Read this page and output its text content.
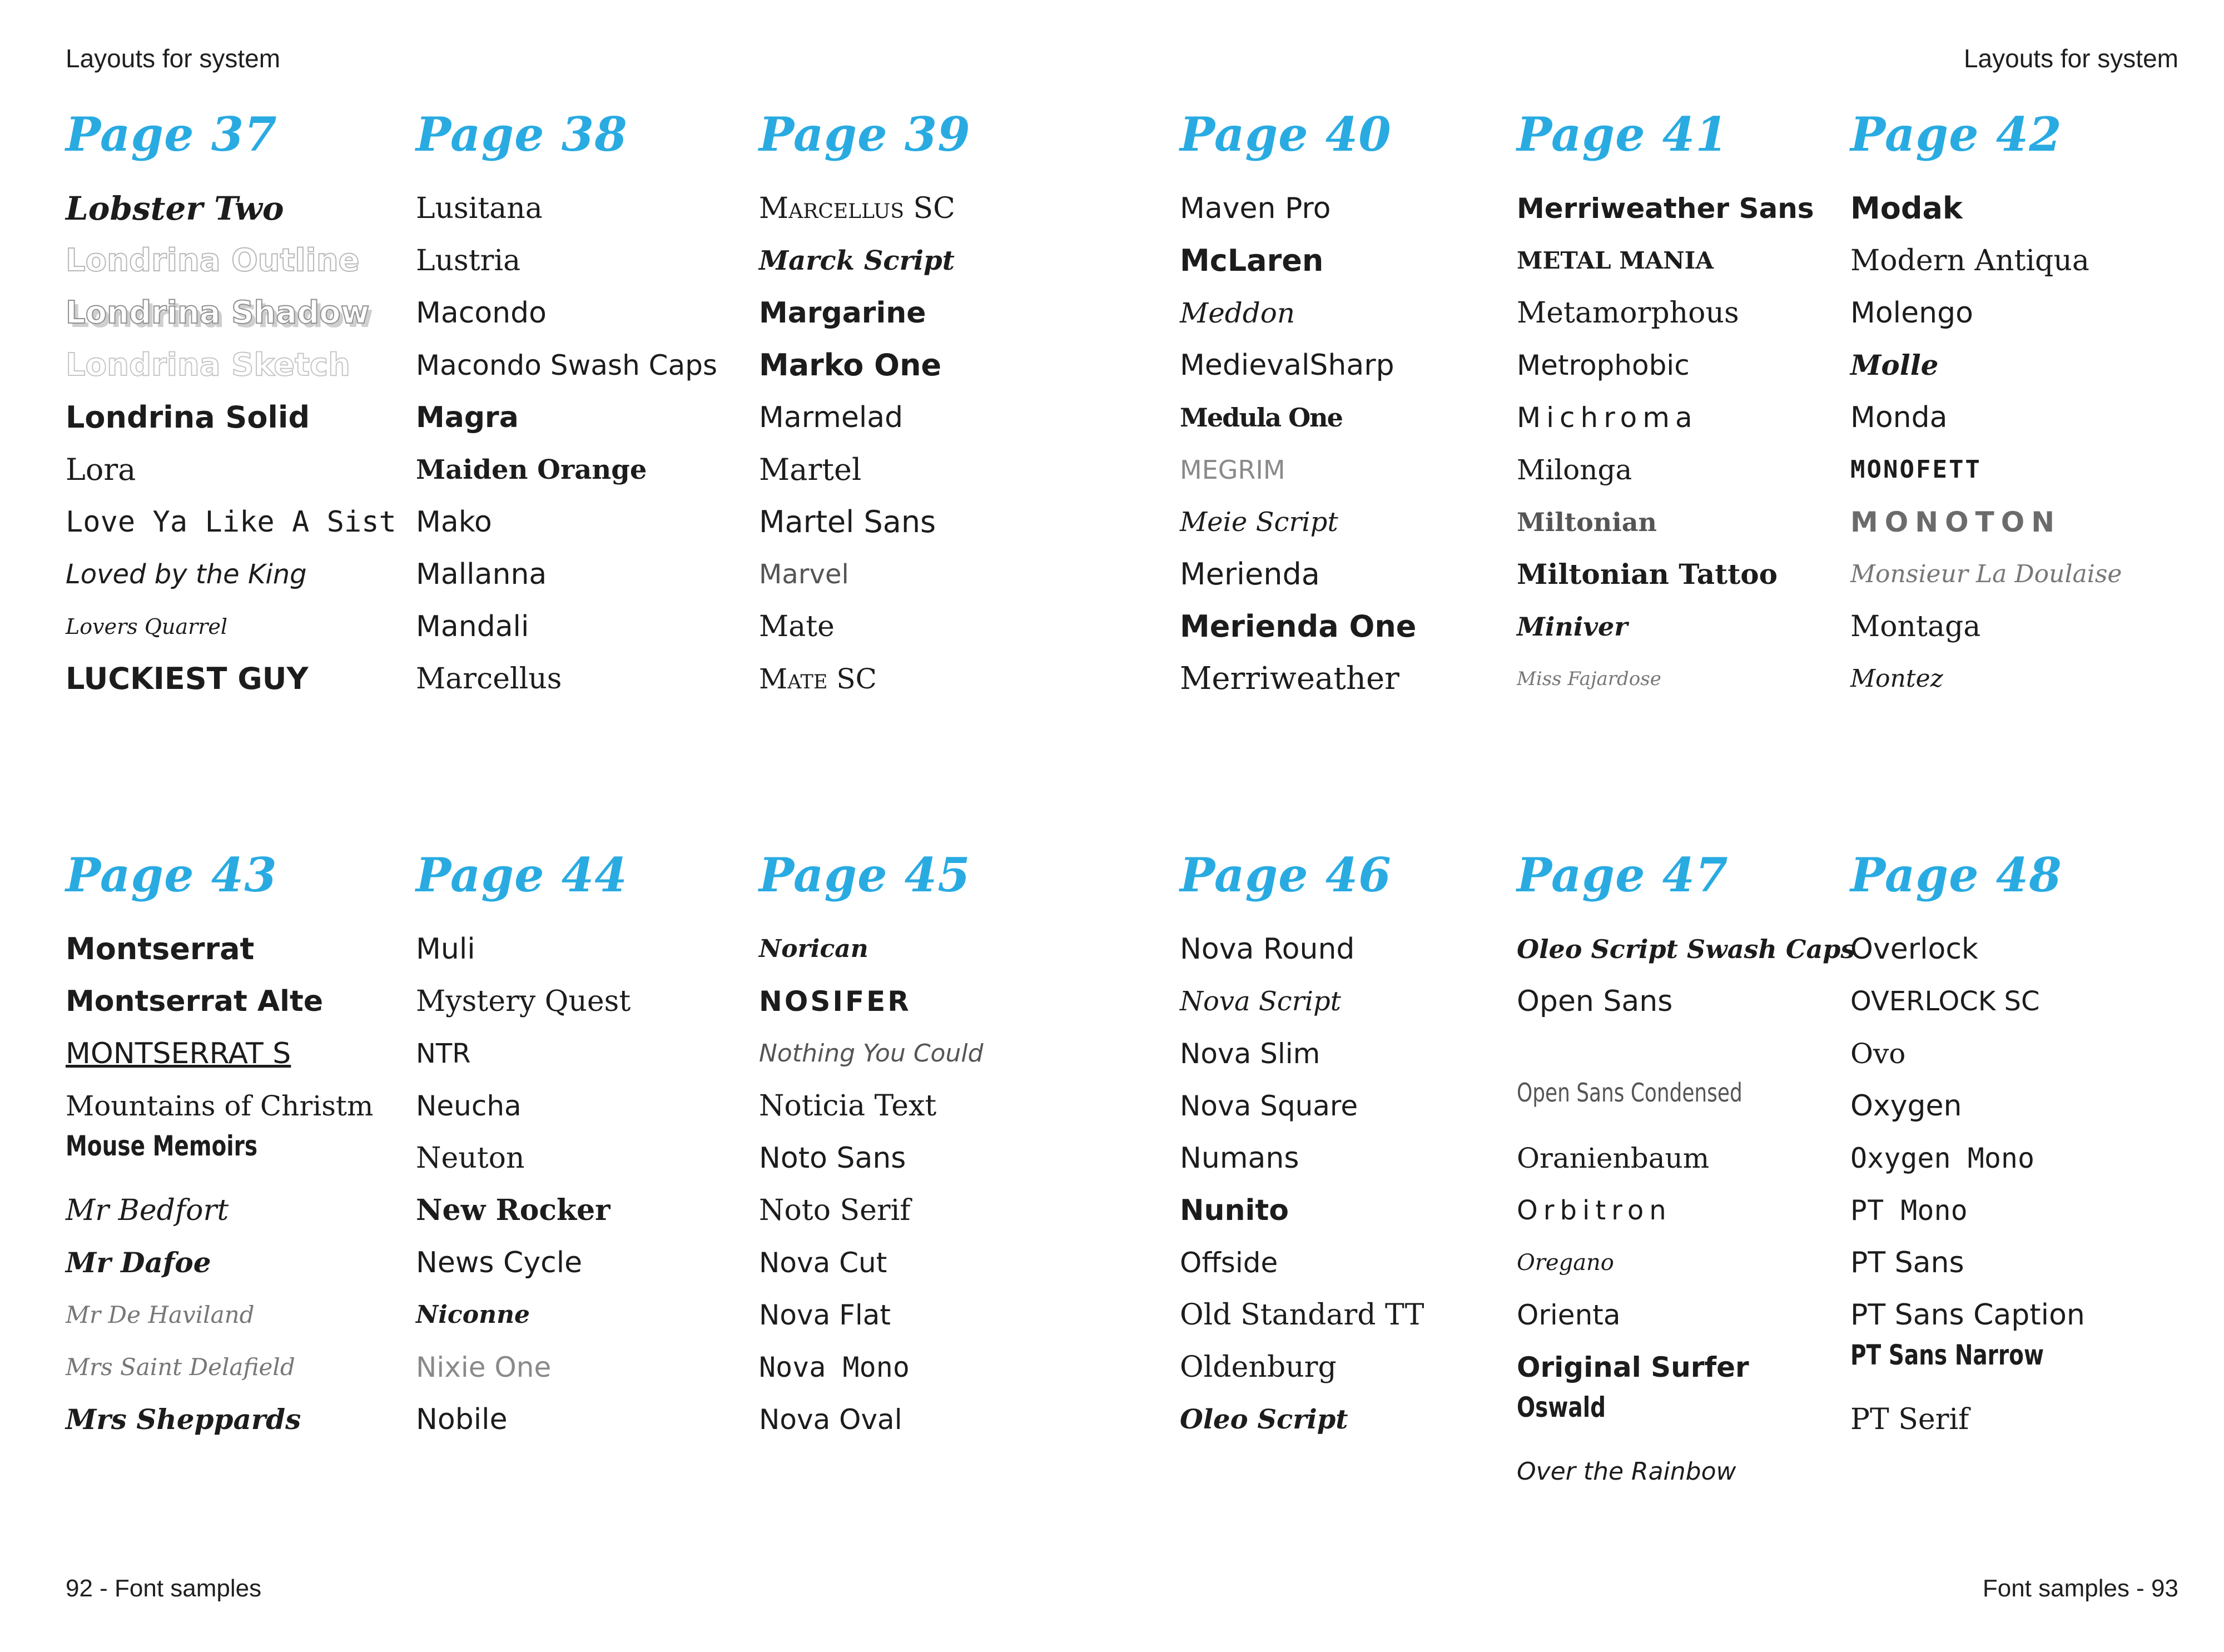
Layouts for system	Layouts for system
Page 37
Lobster Two
Londrina Outline
Londrina Shadow
Londrina Sketch
Londrina Solid
Lora
Love Ya Like A Sist
Loved by the King
Lovers Quarrel
LUCKIEST GUY
Page 38
Lusitana
Lustria
Macondo
Macondo Swash Caps
Magra
Maiden Orange
Mako
Mallanna
Mandali
Marcellus
Page 39
Marcellus SC
Marck Script
Margarine
Marko One
Marmelad
Martel
Martel Sans
Marvel
Mate
Mate SC
Page 40
Maven Pro
McLaren
Meddon
MedievalSharp
Medula One
MEGRIM
Meie Script
Merienda
Merienda One
Merriweather
Page 41
Merriweather Sans
METAL MANIA
Metamorphous
Metrophobic
Michroma
Milonga
Miltonian
Miltonian Tattoo
Miniver
Miss Fajardose
Page 42
Modak
Modern Antiqua
Molengo
Molle
Monda
MONOFETT
MONOTON
Monsieur La Doulaise
Montaga
Montez
Page 43
Montserrat
Montserrat Alte
MONTSERRAT S
Mountains of Christm
Mouse Memoirs
Mr Bedfort
Mr Dafoe
Mr De Haviland
Mrs Saint Delafield
Mrs Sheppards
Page 44
Muli
Mystery Quest
NTR
Neucha
Neuton
New Rocker
News Cycle
Niconne
Nixie One
Nobile
Page 45
Norican
NOSIFER
Nothing You Could
Noticia Text
Noto Sans
Noto Serif
Nova Cut
Nova Flat
Nova Mono
Nova Oval
Page 46
Nova Round
Nova Script
Nova Slim
Nova Square
Numans
Nunito
Offside
Old Standard TT
Oldenburg
Oleo Script
Page 47
Oleo Script Swash Caps
Open Sans
Open Sans Condensed
Oranienbaum
Orbitron
Oregano
Orienta
Original Surfer
Oswald
Over the Rainbow
Page 48
Overlock
OVERLOCK SC
Ovo
Oxygen
Oxygen Mono
PT Mono
PT Sans
PT Sans Caption
PT Sans Narrow
PT Serif
92 - Font samples	Font samples - 93
